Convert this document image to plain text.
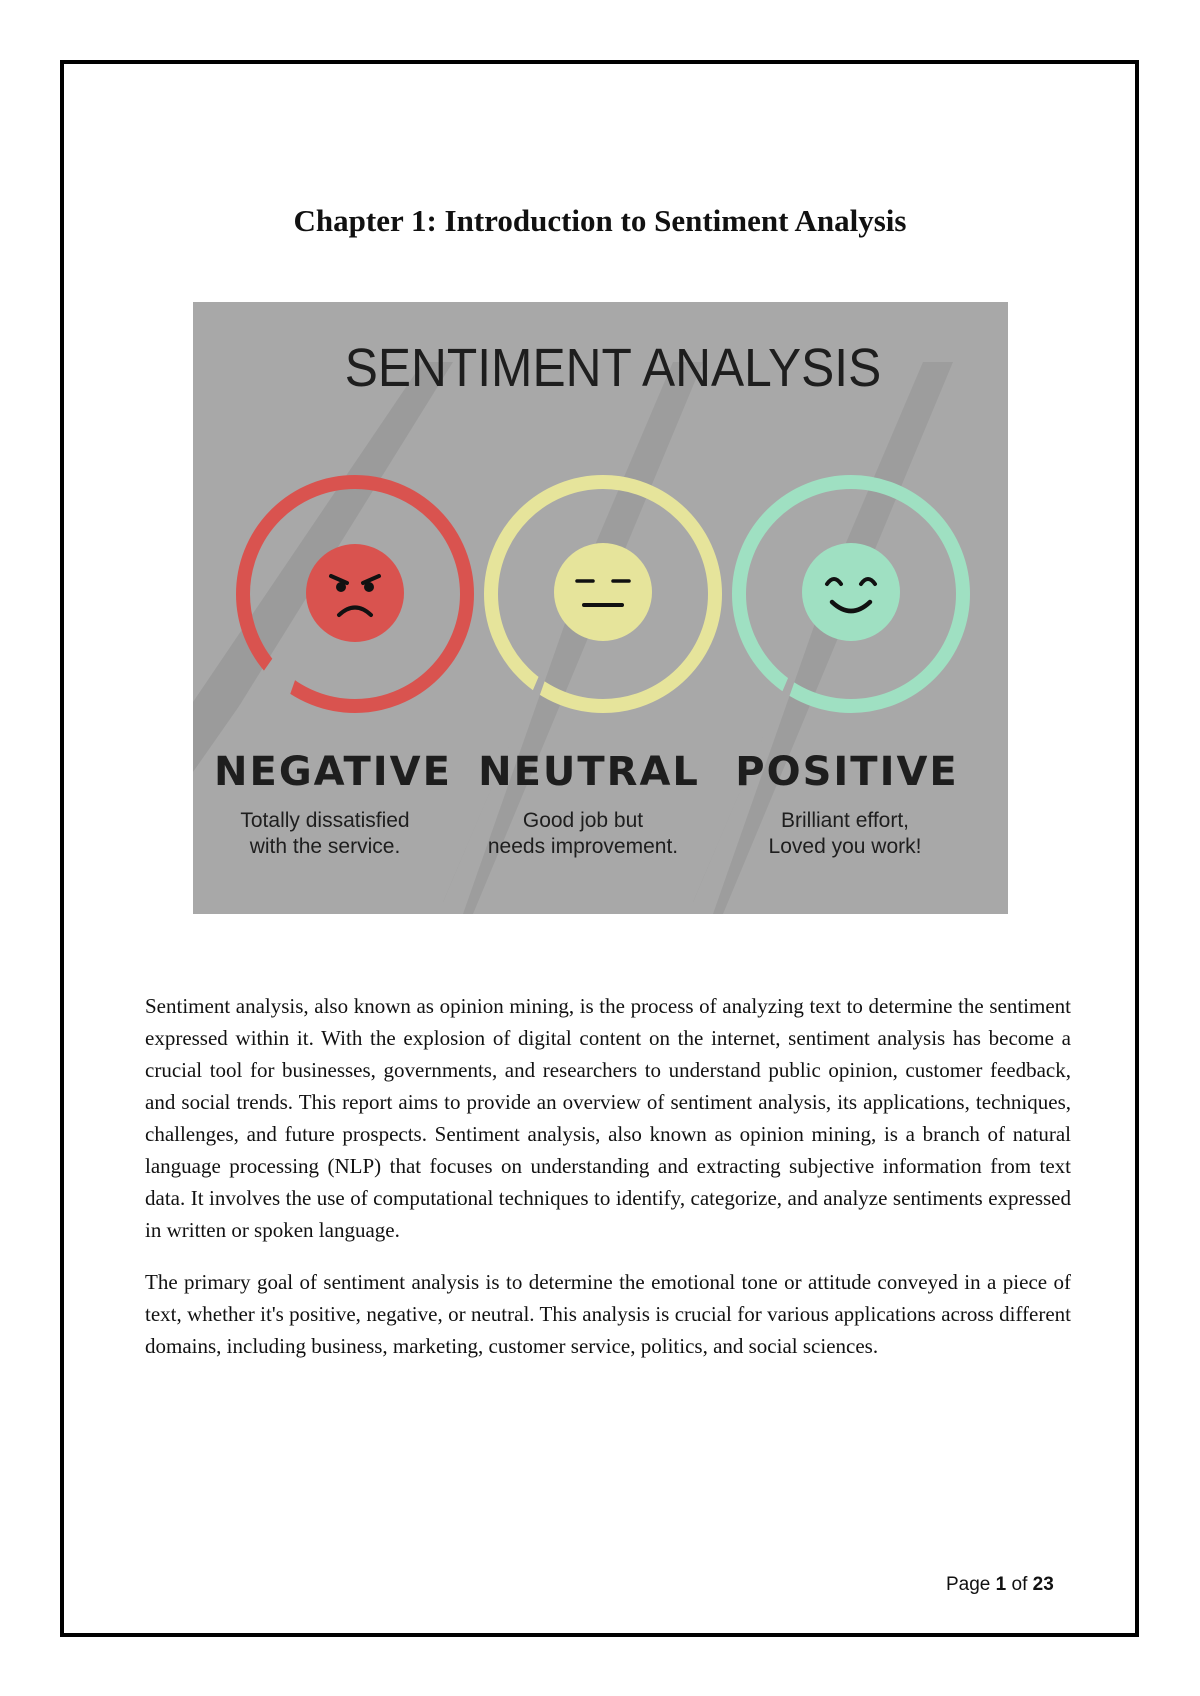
Chapter 1: Introduction to Sentiment Analysis
SENTIMENT ANALYSIS
NEGATIVE
Totally dissatisfied
with the service.
NEUTRAL
Good job but
needs improvement.
POSITIVE
Brilliant effort,
Loved you work!

Sentiment analysis, also known as opinion mining, is the process of analyzing text to determine the sentiment expressed within it. With the explosion of digital content on the internet, sentiment analysis has become a crucial tool for businesses, governments, and researchers to understand public opinion, customer feedback, and social trends. This report aims to provide an overview of sentiment analysis, its applications, techniques, challenges, and future prospects. Sentiment analysis, also known as opinion mining, is a branch of natural language processing (NLP) that focuses on understanding and extracting subjective information from text data. It involves the use of computational techniques to identify, categorize, and analyze sentiments expressed in written or spoken language.

The primary goal of sentiment analysis is to determine the emotional tone or attitude conveyed in a piece of text, whether it's positive, negative, or neutral. This analysis is crucial for various applications across different domains, including business, marketing, customer service, politics, and social sciences.

Page 1 of 23
